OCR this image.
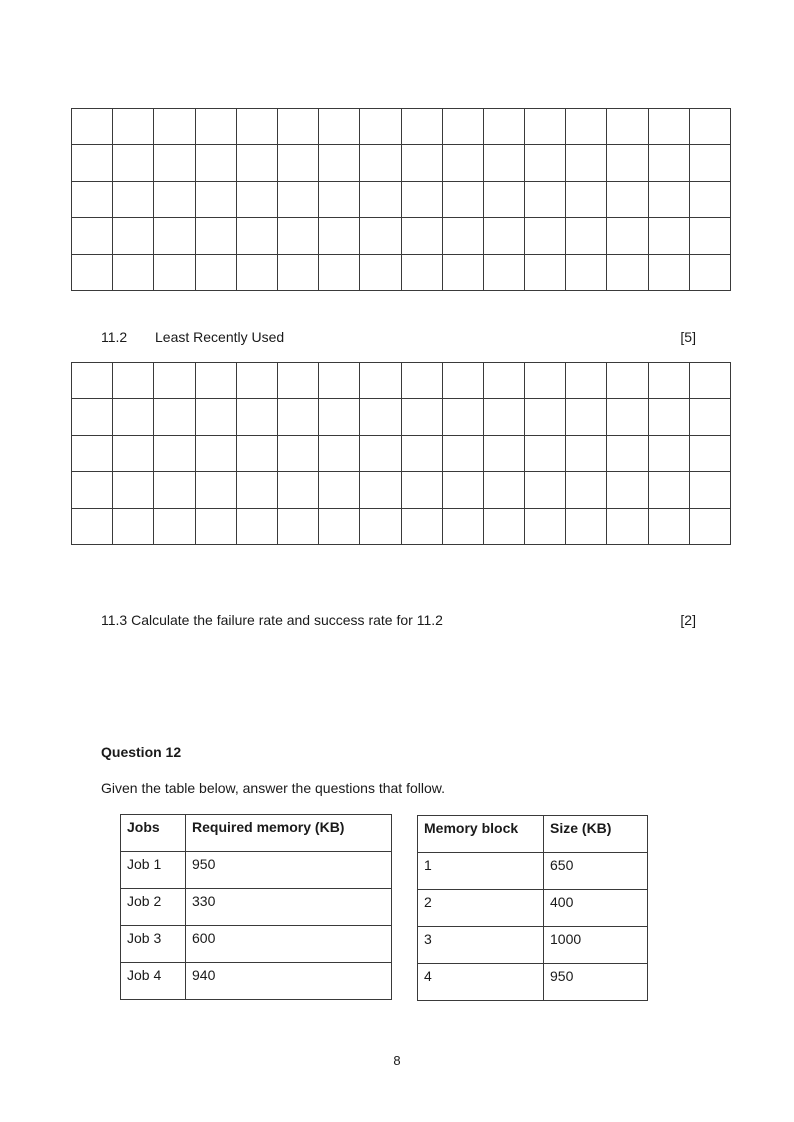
11.2 Least Recently Used	[5]

11.3 Calculate the failure rate and success rate for 11.2	[2]
Question 12
Given the table below, answer the questions that follow.
Jobs	Required memory (KB)
Job 1	950
Job 2	330
Job 3	600
Job 4	940
Memory block	Size (KB)
1	650
2	400
3	1000
4	950
8
